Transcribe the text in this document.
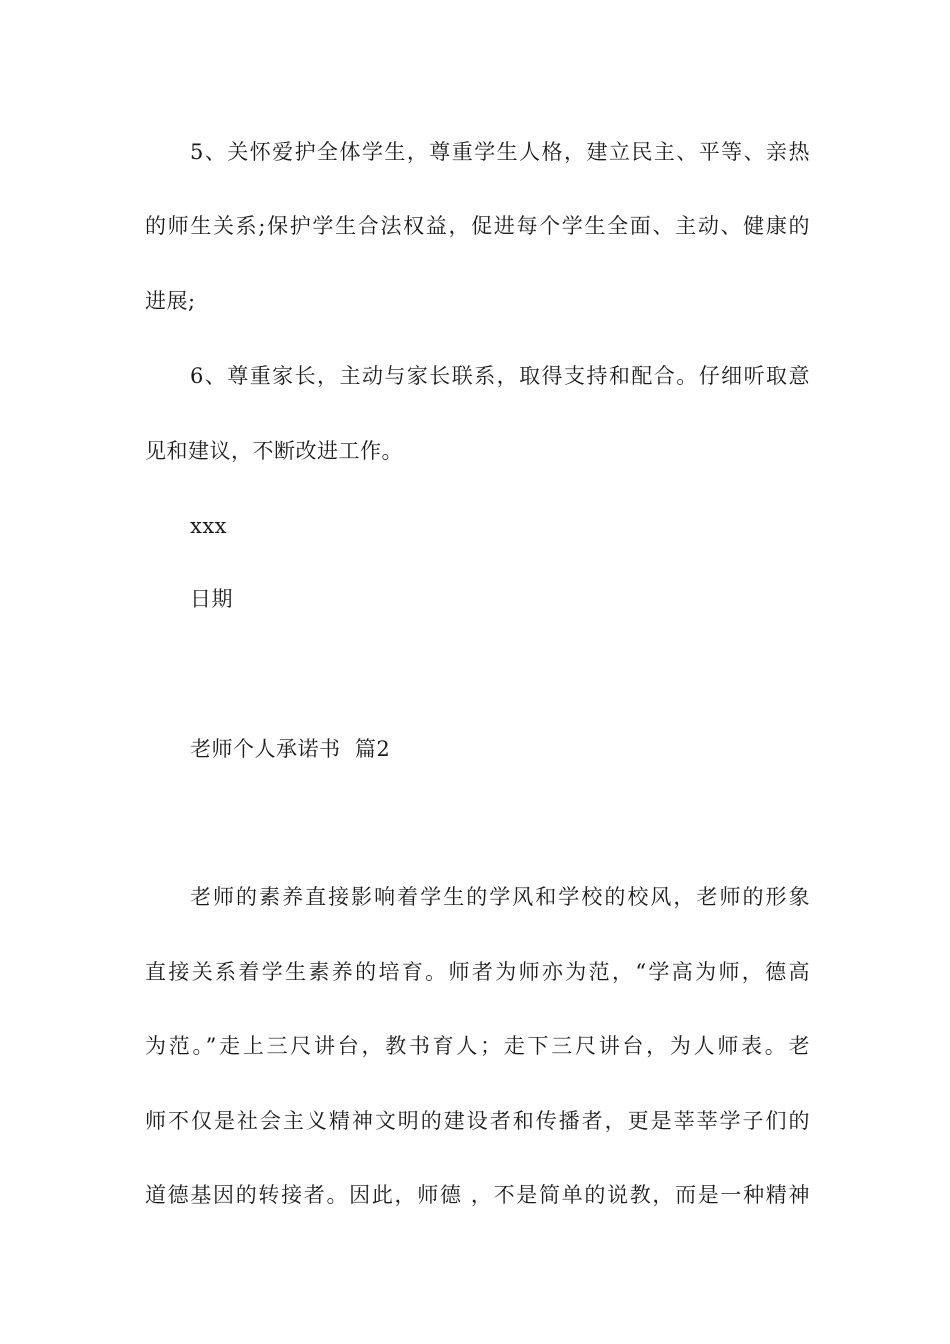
5、关怀爱护全体学生，尊重学生人格，建立民主、平等、亲热
的师生关系;保护学生合法权益，促进每个学生全面、主动、健康的
进展;
6、尊重家长，主动与家长联系，取得支持和配合。仔细听取意
见和建议，不断改进工作。
xxx
日期
老师个人承诺书  篇2
老师的素养直接影响着学生的学风和学校的校风，老师的形象
直接关系着学生素养的培育。师者为师亦为范，“学高为师，德高
为范。”走上三尺讲台，教书育人；走下三尺讲台，为人师表。老
师不仅是社会主义精神文明的建设者和传播者，更是莘莘学子们的
道德基因的转接者。因此，师德 ，不是简单的说教，而是一种精神
